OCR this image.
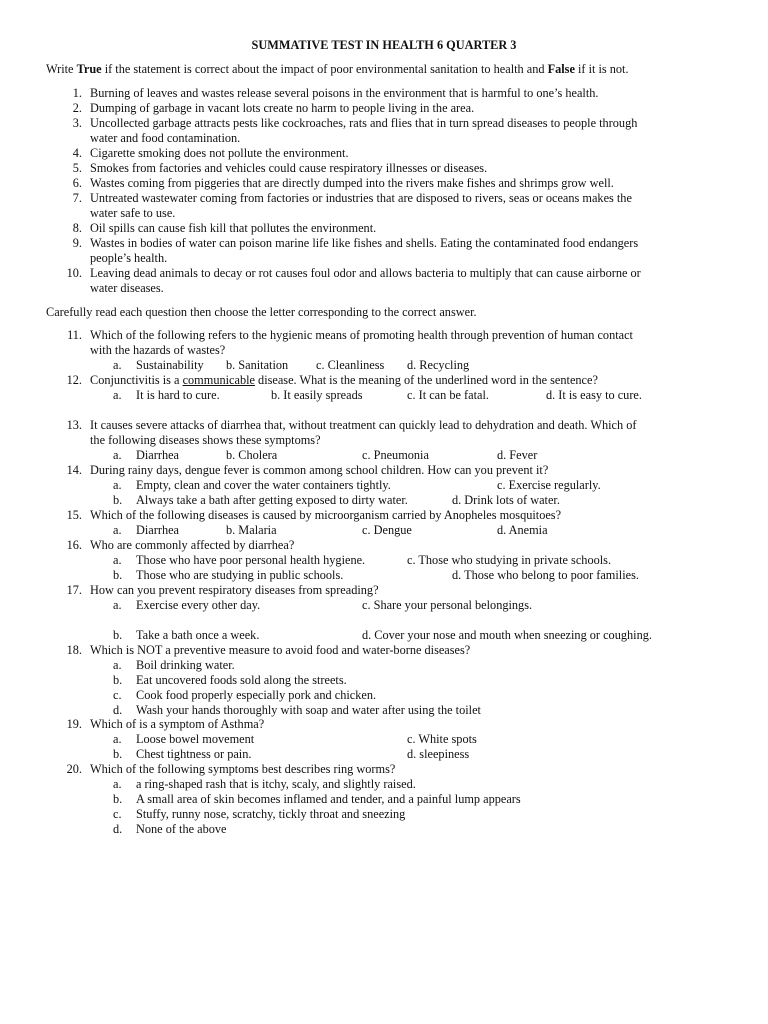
SUMMATIVE TEST IN HEALTH 6 QUARTER 3
Write True if the statement is correct about the impact of poor environmental sanitation to health and False if it is not.
1. Burning of leaves and wastes release several poisons in the environment that is harmful to one’s health.
2. Dumping of garbage in vacant lots create no harm to people living in the area.
3. Uncollected garbage attracts pests like cockroaches, rats and flies that in turn spread diseases to people through
water and food contamination.
4. Cigarette smoking does not pollute the environment.
5. Smokes from factories and vehicles could cause respiratory illnesses or diseases.
6. Wastes coming from piggeries that are directly dumped into the rivers make fishes and shrimps grow well.
7. Untreated wastewater coming from factories or industries that are disposed to rivers, seas or oceans makes the
water safe to use.
8. Oil spills can cause fish kill that pollutes the environment.
9. Wastes in bodies of water can poison marine life like fishes and shells. Eating the contaminated food endangers
people’s health.
10. Leaving dead animals to decay or rot causes foul odor and allows bacteria to multiply that can cause airborne or
water diseases.
Carefully read each question then choose the letter corresponding to the correct answer.
11. Which of the following refers to the hygienic means of promoting health through prevention of human contact
with the hazards of wastes?
a. Sustainability b. Sanitation c. Cleanliness d. Recycling
12. Conjunctivitis is a communicable disease. What is the meaning of the underlined word in the sentence?
a. It is hard to cure.	b. It easily spreads	c. It can be fatal.	d. It is easy to cure.
13. It causes severe attacks of diarrhea that, without treatment can quickly lead to dehydration and death. Which of
the following diseases shows these symptoms?
a. Diarrhea	b. Cholera	c. Pneumonia	d. Fever
14. During rainy days, dengue fever is common among school children. How can you prevent it?
a. Empty, clean and cover the water containers tightly.	c. Exercise regularly.
b. Always take a bath after getting exposed to dirty water.	d. Drink lots of water.
15. Which of the following diseases is caused by microorganism carried by Anopheles mosquitoes?
a. Diarrhea	b. Malaria	c. Dengue	d. Anemia
16. Who are commonly affected by diarrhea?
a. Those who have poor personal health hygiene.	c. Those who studying in private schools.
b. Those who are studying in public schools.	d. Those who belong to poor families.
17. How can you prevent respiratory diseases from spreading?
a. Exercise every other day.	c. Share your personal belongings.
b. Take a bath once a week.	d. Cover your nose and mouth when sneezing or coughing.
18. Which is NOT a preventive measure to avoid food and water-borne diseases?
a. Boil drinking water.
b. Eat uncovered foods sold along the streets.
c. Cook food properly especially pork and chicken.
d. Wash your hands thoroughly with soap and water after using the toilet
19. Which of is a symptom of Asthma?
a. Loose bowel movement	c. White spots
b. Chest tightness or pain.	d. sleepiness
20. Which of the following symptoms best describes ring worms?
a. a ring-shaped rash that is itchy, scaly, and slightly raised.
b. A small area of skin becomes inflamed and tender, and a painful lump appears
c. Stuffy, runny nose, scratchy, tickly throat and sneezing
d. None of the above
